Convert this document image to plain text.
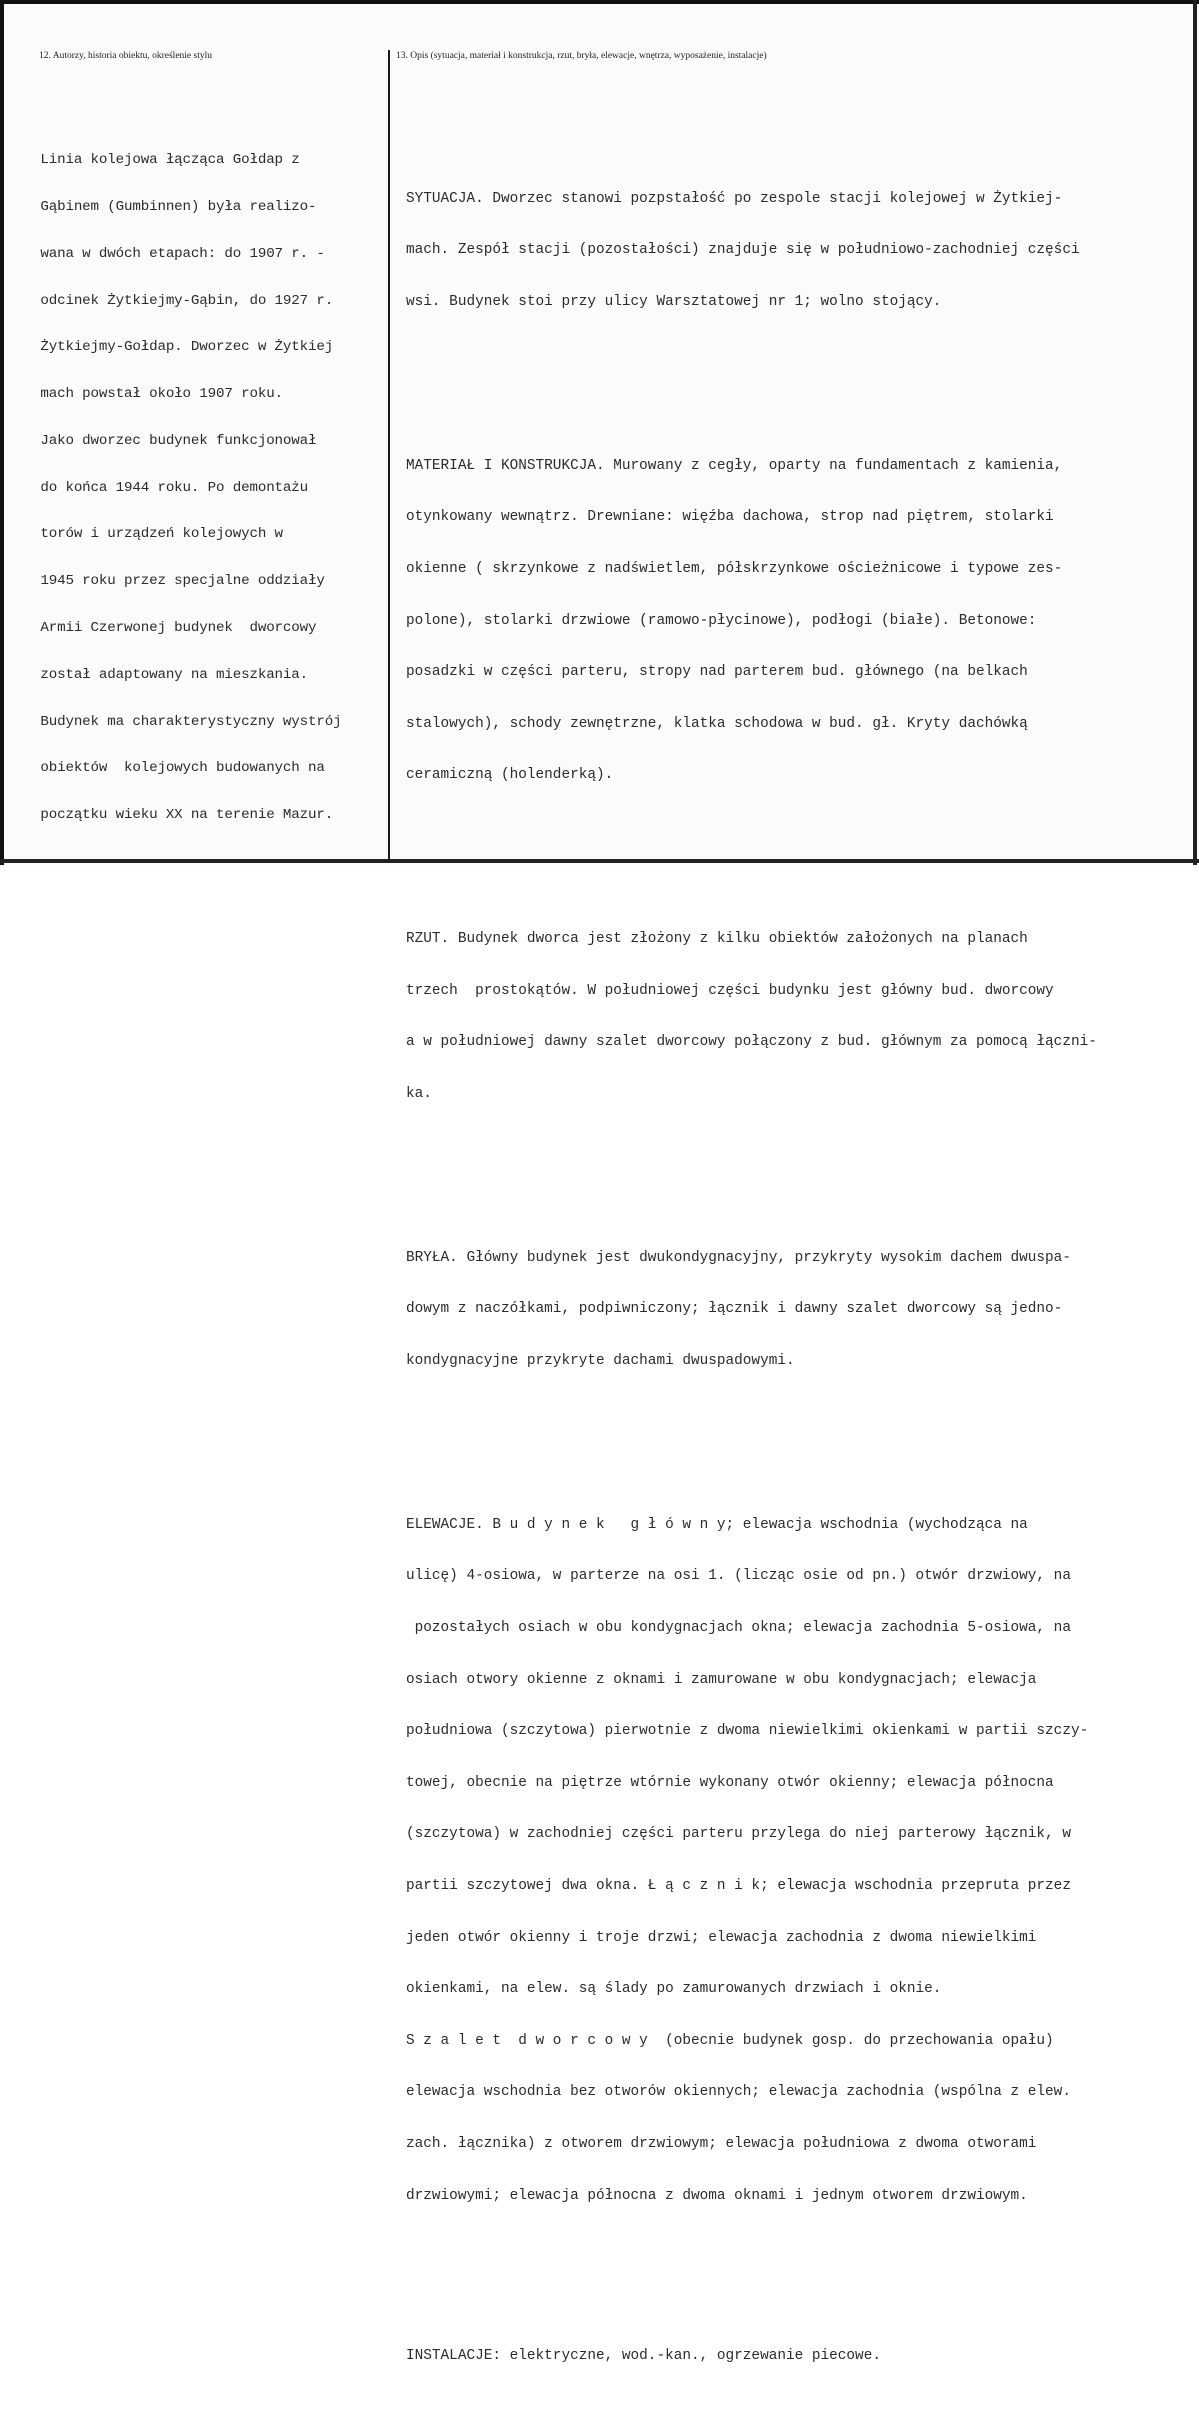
12. Autorzy, historia obiektu, określenie stylu	13. Opis (sytuacja, materiał i konstrukcja, rzut, bryła, elewacje, wnętrza, wyposażenie, instalacje)

Linia kolejowa łącząca Gołdap z

Gąbinem (Gumbinnen) była realizo-

wana w dwóch etapach: do 1907 r. -

odcinek Żytkiejmy-Gąbin, do 1927 r.

Żytkiejmy-Gołdap. Dworzec w Żytkiej

mach powstał około 1907 roku.

Jako dworzec budynek funkcjonował

do końca 1944 roku. Po demontażu

torów i urządzeń kolejowych w

1945 roku przez specjalne oddziały

Armii Czerwonej budynek  dworcowy

został adaptowany na mieszkania.

Budynek ma charakterystyczny wystrój

obiektów  kolejowych budowanych na

początku wieku XX na terenie Mazur.

SYTUACJA. Dworzec stanowi pozpstałość po zespole stacji kolejowej w Żytkiej-

mach. Zespół stacji (pozostałości) znajduje się w południowo-zachodniej części

wsi. Budynek stoi przy ulicy Warsztatowej nr 1; wolno stojący.

MATERIAŁ I KONSTRUKCJA. Murowany z cegły, oparty na fundamentach z kamienia,

otynkowany wewnątrz. Drewniane: więźba dachowa, strop nad piętrem, stolarki

okienne ( skrzynkowe z nadświetlem, półskrzynkowe ościeżnicowe i typowe zes-

polone), stolarki drzwiowe (ramowo-płycinowe), podłogi (białe). Betonowe:

posadzki w części parteru, stropy nad parterem bud. głównego (na belkach

stalowych), schody zewnętrzne, klatka schodowa w bud. gł. Kryty dachówką

ceramiczną (holenderką).

RZUT. Budynek dworca jest złożony z kilku obiektów założonych na planach

trzech  prostokątów. W południowej części budynku jest główny bud. dworcowy

a w południowej dawny szalet dworcowy połączony z bud. głównym za pomocą łączni-

ka.

BRYŁA. Główny budynek jest dwukondygnacyjny, przykryty wysokim dachem dwuspa-

dowym z naczółkami, podpiwniczony; łącznik i dawny szalet dworcowy są jedno-

kondygnacyjne przykryte dachami dwuspadowymi.

ELEWACJE. B u d y n e k   g ł ó w n y; elewacja wschodnia (wychodząca na

ulicę) 4-osiowa, w parterze na osi 1. (licząc osie od pn.) otwór drzwiowy, na

pozostałych osiach w obu kondygnacjach okna; elewacja zachodnia 5-osiowa, na

osiach otwory okienne z oknami i zamurowane w obu kondygnacjach; elewacja

południowa (szczytowa) pierwotnie z dwoma niewielkimi okienkami w partii szczy-

towej, obecnie na piętrze wtórnie wykonany otwór okienny; elewacja północna

(szczytowa) w zachodniej części parteru przylega do niej parterowy łącznik, w

partii szczytowej dwa okna. Ł ą c z n i k; elewacja wschodnia przepruta przez

jeden otwór okienny i troje drzwi; elewacja zachodnia z dwoma niewielkimi

okienkami, na elew. są ślady po zamurowanych drzwiach i oknie.

S z a l e t  d w o r c o w y  (obecnie budynek gosp. do przechowania opału)

elewacja wschodnia bez otworów okiennych; elewacja zachodnia (wspólna z elew.

zach. łącznika) z otworem drzwiowym; elewacja południowa z dwoma otworami

drzwiowymi; elewacja północna z dwoma oknami i jednym otworem drzwiowym.

INSTALACJE: elektryczne, wod.-kan., ogrzewanie piecowe.
